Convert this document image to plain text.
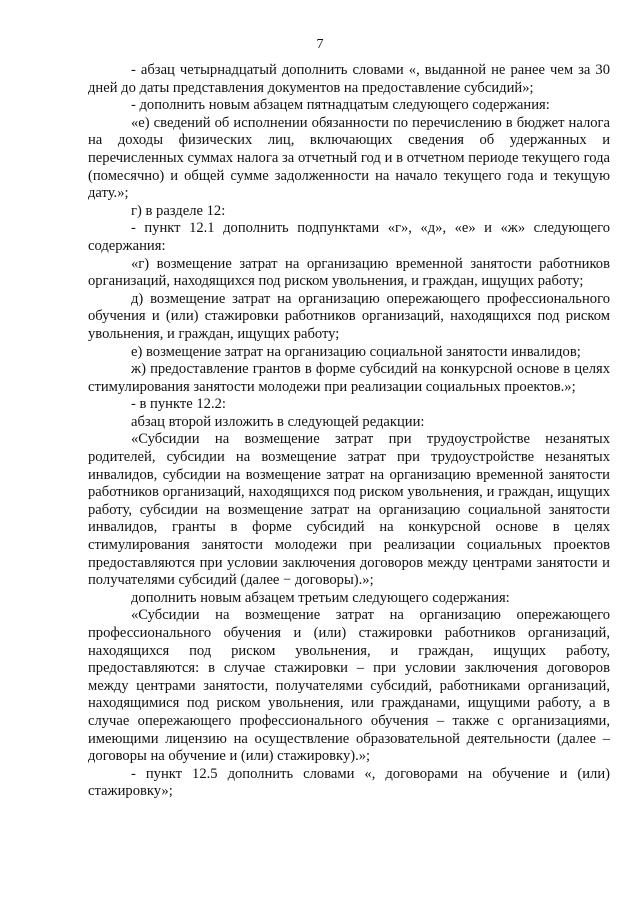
7

- абзац четырнадцатый дополнить словами «, выданной не ранее чем за 30 дней до даты представления документов на предоставление субсидий»;

- дополнить новым абзацем пятнадцатым следующего содержания:

«е) сведений об исполнении обязанности по перечислению в бюджет налога на доходы физических лиц, включающих сведения об удержанных и перечисленных суммах налога за отчетный год и в отчетном периоде текущего года (помесячно) и общей сумме задолженности на начало текущего года и текущую дату.»;

г) в разделе 12:

- пункт 12.1 дополнить подпунктами «г», «д», «е» и «ж» следующего содержания:

«г) возмещение затрат на организацию временной занятости работников организаций, находящихся под риском увольнения, и граждан, ищущих работу;

д) возмещение затрат на организацию опережающего профессионального обучения и (или) стажировки работников организаций, находящихся под риском увольнения, и граждан, ищущих работу;

е) возмещение затрат на организацию социальной занятости инвалидов;

ж) предоставление грантов в форме субсидий на конкурсной основе в целях стимулирования занятости молодежи при реализации социальных проектов.»;

- в пункте 12.2:

абзац второй изложить в следующей редакции:

«Субсидии на возмещение затрат при трудоустройстве незанятых родителей, субсидии на возмещение затрат при трудоустройстве незанятых инвалидов, субсидии на возмещение затрат на организацию временной занятости работников организаций, находящихся под риском увольнения, и граждан, ищущих работу, субсидии на возмещение затрат на организацию социальной занятости инвалидов, гранты в форме субсидий на конкурсной основе в целях стимулирования занятости молодежи при реализации социальных проектов предоставляются при условии заключения договоров между центрами занятости и получателями субсидий (далее − договоры).»;

дополнить новым абзацем третьим следующего содержания:

«Субсидии на возмещение затрат на организацию опережающего профессионального обучения и (или) стажировки работников организаций, находящихся под риском увольнения, и граждан, ищущих работу, предоставляются: в случае стажировки – при условии заключения договоров между центрами занятости, получателями субсидий, работниками организаций, находящимися под риском увольнения, или гражданами, ищущими работу, а в случае опережающего профессионального обучения – также с организациями, имеющими лицензию на осуществление образовательной деятельности (далее – договоры на обучение и (или) стажировку).»;

- пункт 12.5 дополнить словами «, договорами на обучение и (или) стажировку»;
